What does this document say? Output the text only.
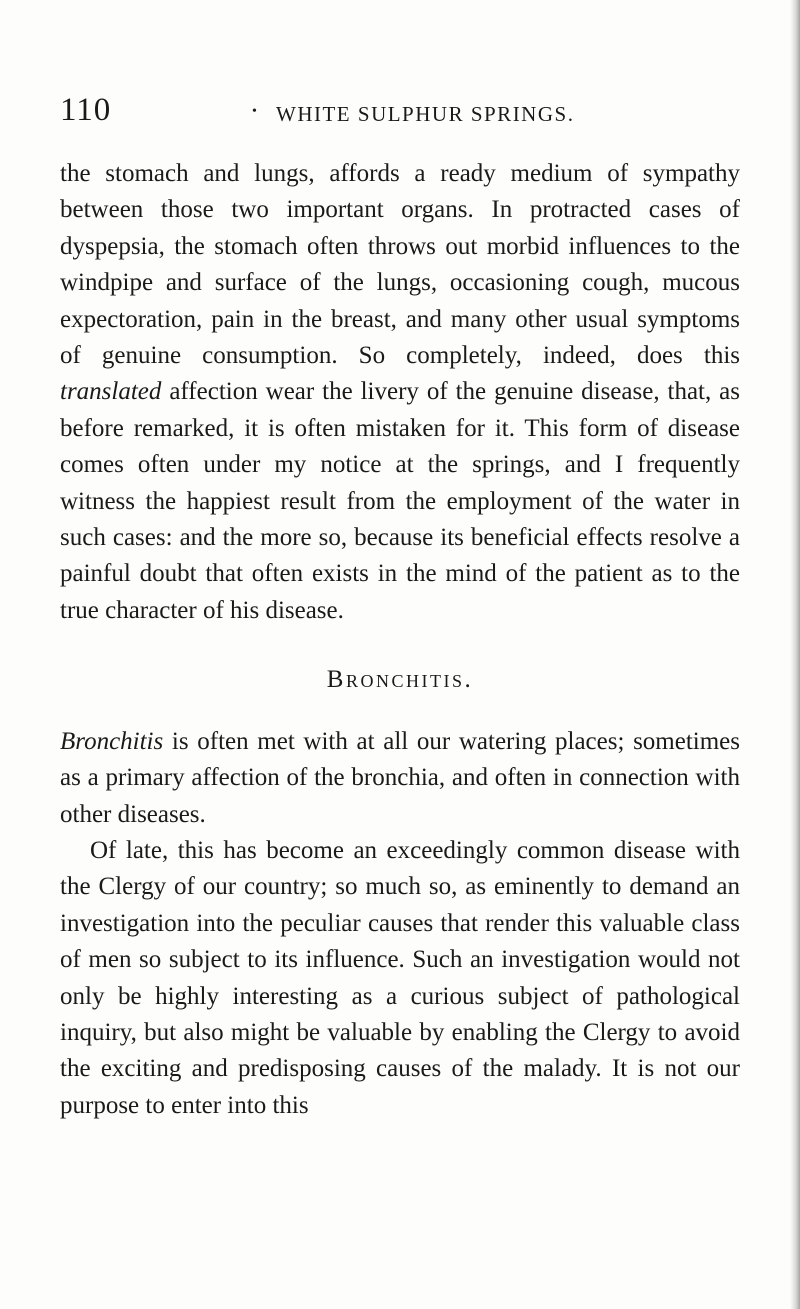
110	• WHITE SULPHUR SPRINGS.
the stomach and lungs, affords a ready medium of sympathy between those two important organs. In protracted cases of dyspepsia, the stomach often throws out morbid influences to the windpipe and surface of the lungs, occasioning cough, mucous expectoration, pain in the breast, and many other usual symptoms of genuine consumption. So completely, indeed, does this translated affection wear the livery of the genuine disease, that, as before remarked, it is often mistaken for it. This form of disease comes often under my notice at the springs, and I frequently witness the happiest result from the employment of the water in such cases: and the more so, because its beneficial effects resolve a painful doubt that often exists in the mind of the patient as to the true character of his disease.
Bronchitis.
Bronchitis is often met with at all our watering places; sometimes as a primary affection of the bronchia, and often in connection with other diseases.
Of late, this has become an exceedingly common disease with the Clergy of our country; so much so, as eminently to demand an investigation into the peculiar causes that render this valuable class of men so subject to its influence. Such an investigation would not only be highly interesting as a curious subject of pathological inquiry, but also might be valuable by enabling the Clergy to avoid the exciting and predisposing causes of the malady. It is not our purpose to enter into this
